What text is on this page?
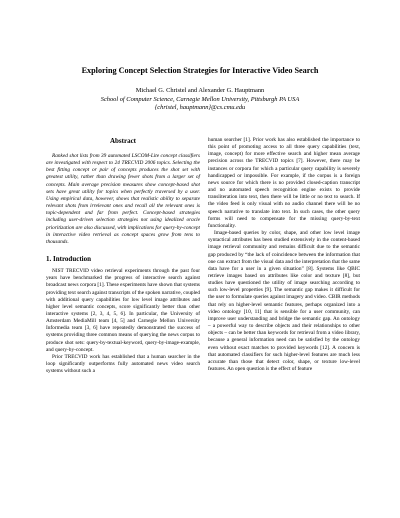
Exploring Concept Selection Strategies for Interactive Video Search
Michael G. Christel and Alexander G. Hauptmann
School of Computer Science, Carnegie Mellon University, Pittsburgh PA USA
{christel, hauptmann}@cs.cmu.edu
Abstract

Ranked shot lists from 39 automated LSCOM-Lite concept classifiers are investigated with respect to 24 TRECVID 2006 topics. Selecting the best fitting concept or pair of concepts produces the shot set with greatest utility, rather than drawing fewer shots from a larger set of concepts. Main average precision measures show concept-based shot sets have great utility for topics when perfectly traversed by a user. Using empirical data, however, shows that realistic ability to separate relevant shots from irrelevant ones and recall all the relevant ones is topic-dependent and far from perfect. Concept-based strategies including user-driven selection strategies not using idealized oracle prioritization are also discussed, with implications for query-by-concept in interactive video retrieval as concept spaces grow from tens to thousands.

1. Introduction

NIST TRECVID video retrieval experiments through the past four years have benchmarked the progress of interactive search against broadcast news corpora [1]. These experiments have shown that systems providing text search against transcripts of the spoken narrative, coupled with additional query capabilities for low level image attributes and higher level semantic concepts, score significantly better than other interactive systems [2, 3, 4, 5, 6]. In particular, the University of Amsterdam MediaMill team [4, 5] and Carnegie Mellon University Informedia team [3, 6] have repeatedly demonstrated the success of systems providing three common means of querying the news corpus to produce shot sets: query-by-textual-keyword, query-by-image-example, and query-by-concept.

Prior TRECVID work has established that a human searcher in the loop significantly outperforms fully automated news video search systems without such a

human searcher [1]. Prior work has also established the importance to this point of promoting access to all three query capabilities (text, image, concept) for more effective search and higher mean average precision across the TRECVID topics [7]. However, there may be instances or corpora for which a particular query capability is severely handicapped or impossible. For example, if the corpus is a foreign news source for which there is no provided closed-caption transcript and no automated speech recognition engine exists to provide transliteration into text, then there will be little or no text to search. If the video feed is only visual with no audio channel there will be no speech narrative to translate into text. In such cases, the other query forms will need to compensate for the missing query-by-text functionality.

Image-based queries by color, shape, and other low level image syntactical attributes has been studied extensively in the content-based image retrieval community and remains difficult due to the semantic gap produced by “the lack of coincidence between the information that one can extract from the visual data and the interpretation that the same data have for a user in a given situation” [8]. Systems like QBIC retrieve images based on attributes like color and texture [8], but studies have questioned the utility of image searching according to such low-level properties [9]. The semantic gap makes it difficult for the user to formulate queries against imagery and video. CBIR methods that rely on higher-level semantic features, perhaps organized into a video ontology [10, 11] that is sensible for a user community, can improve user understanding and bridge the semantic gap. An ontology – a powerful way to describe objects and their relationships to other objects – can be better than keywords for retrieval from a video library, because a general information need can be satisfied by the ontology even without exact matches to provided keywords [12]. A concern is that automated classifiers for such higher-level features are much less accurate than those that detect color, shape, or texture low-level features. An open question is the effect of feature
